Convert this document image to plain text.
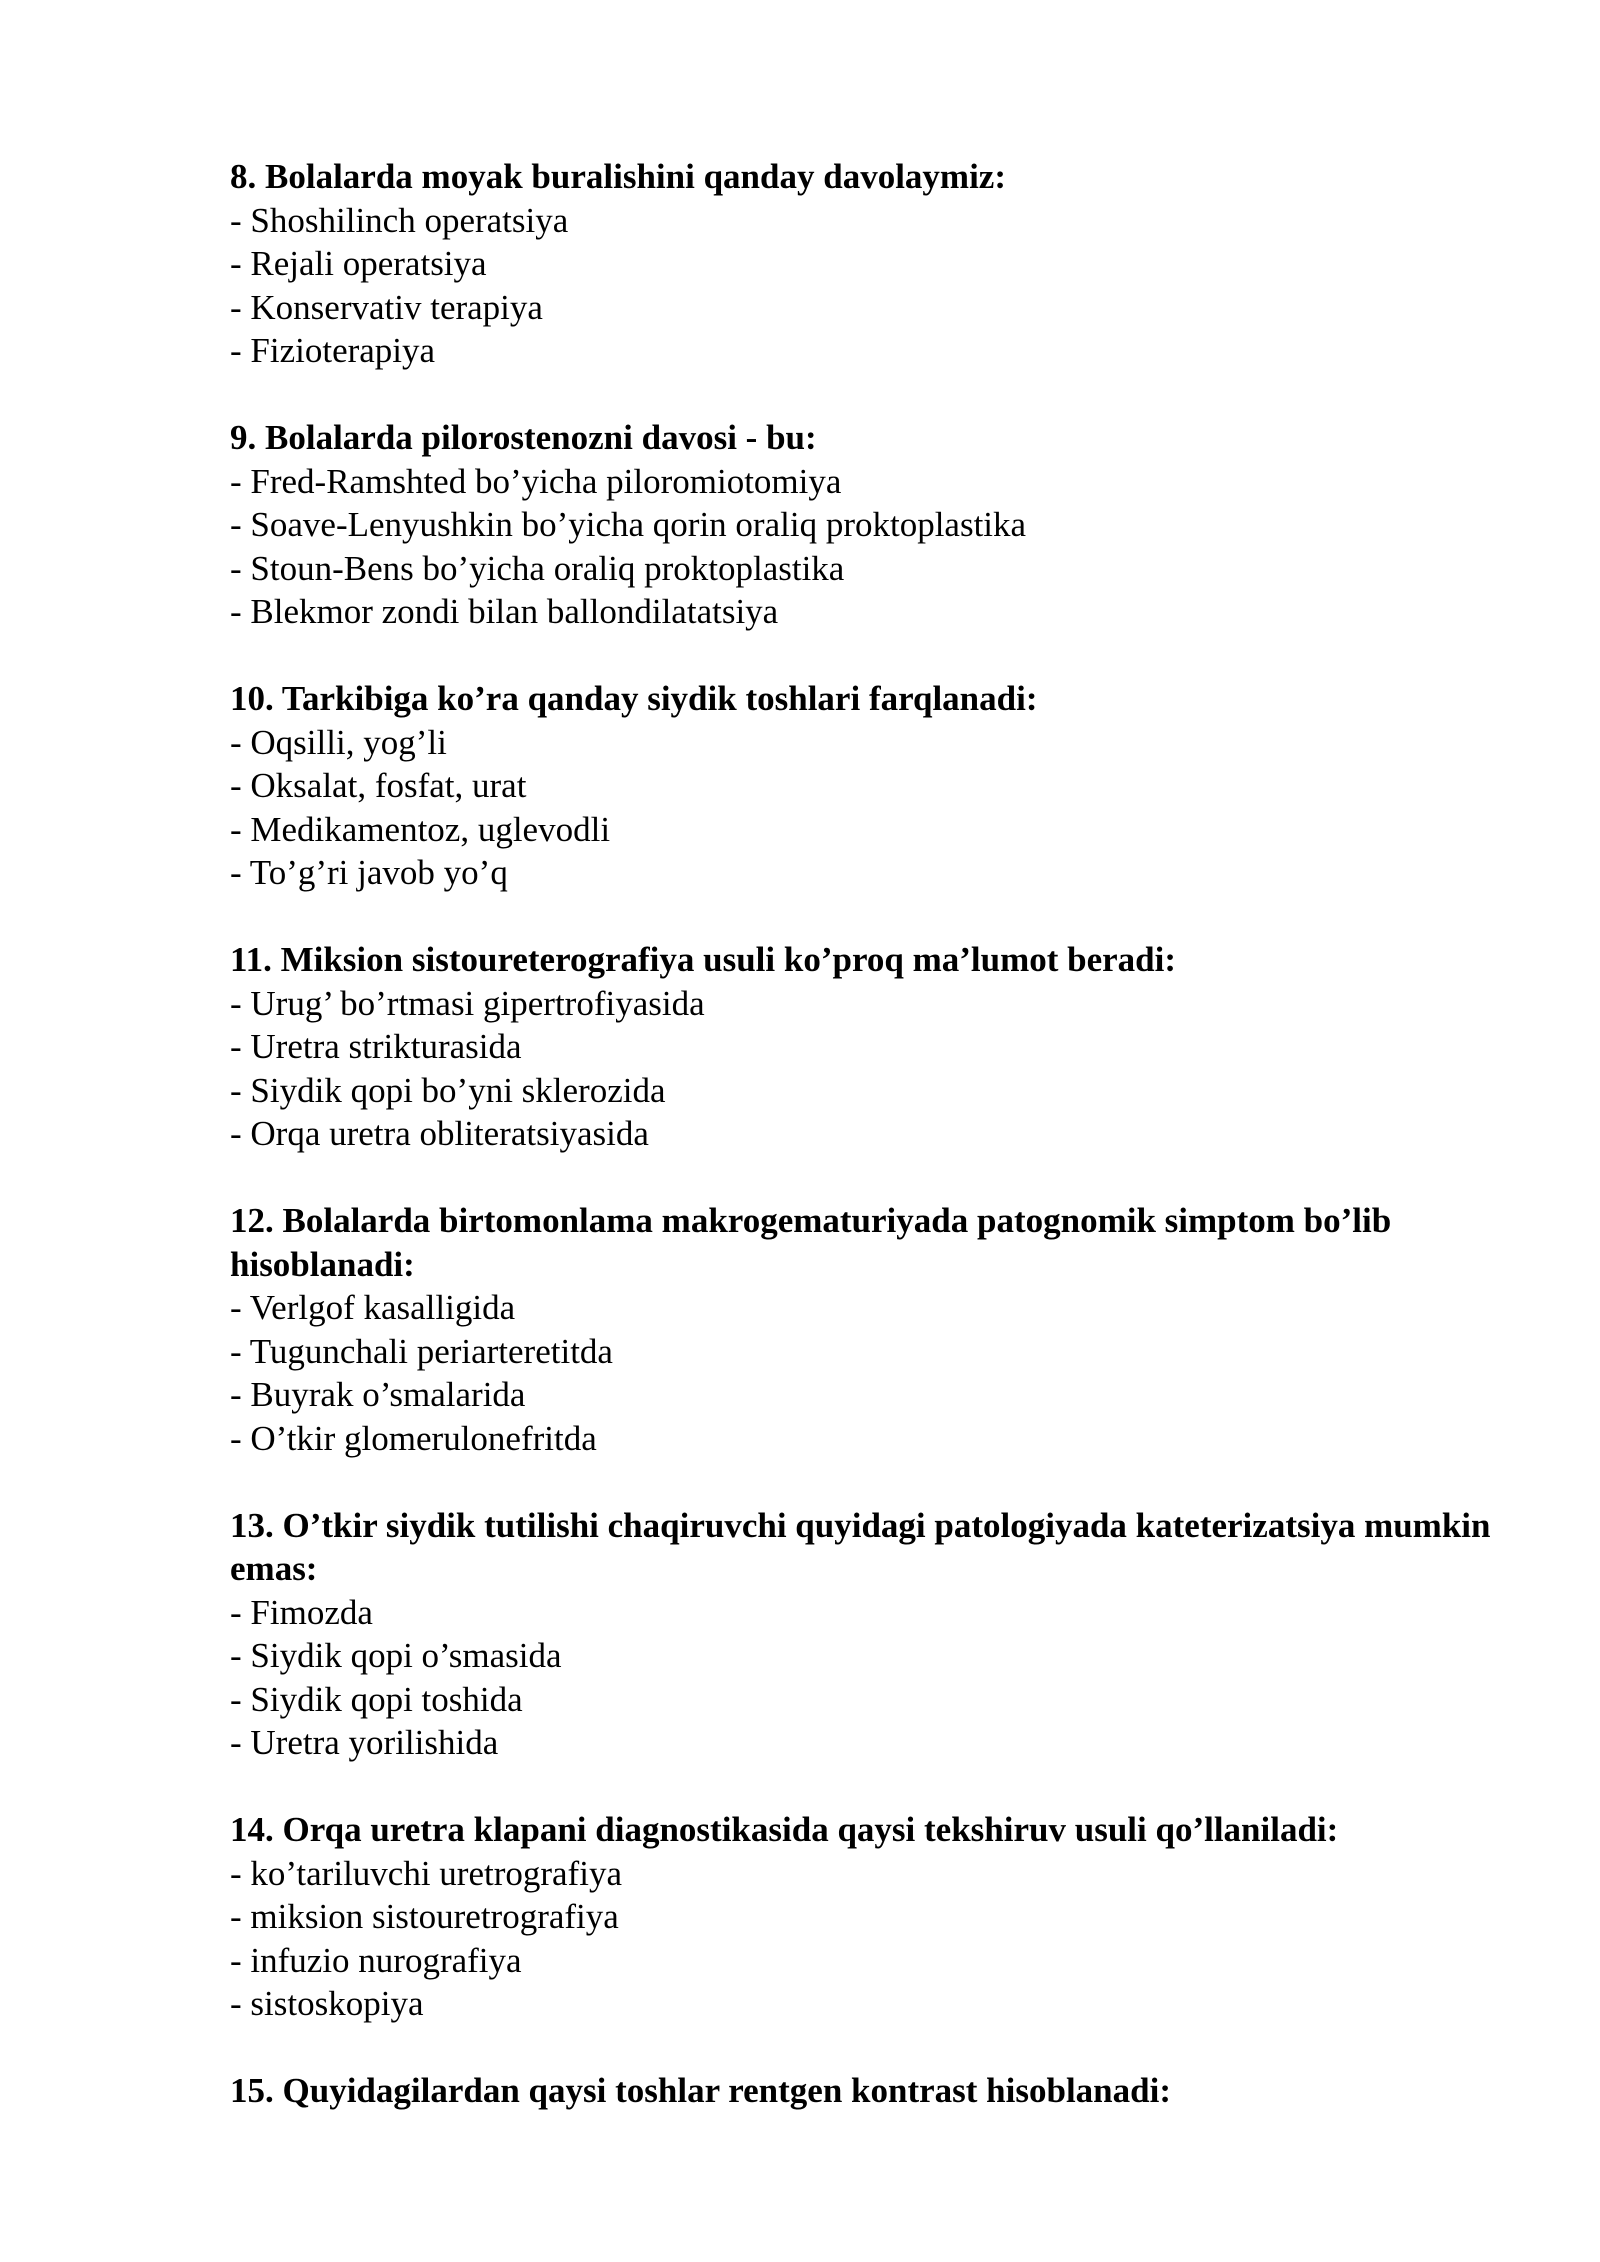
8. Bolalarda moyak buralishini qanday davolaymiz:

- Shoshilinch operatsiya
- Rejali operatsiya
- Konservativ terapiya
- Fizioterapiya

9. Bolalarda pilorostenozni davosi - bu:

- Fred-Ramshted bo’yicha piloromiotomiya
- Soave-Lenyushkin bo’yicha qorin oraliq proktoplastika
- Stoun-Bens bo’yicha oraliq proktoplastika
- Blekmor zondi bilan ballondilatatsiya

10. Tarkibiga ko’ra qanday siydik toshlari farqlanadi:

- Oqsilli, yog’li
- Oksalat, fosfat, urat
- Medikamentoz, uglevodli
- To’g’ri javob yo’q

11. Miksion sistoureterografiya usuli ko’proq ma’lumot beradi:

- Urug’ bo’rtmasi gipertrofiyasida
- Uretra strikturasida
- Siydik qopi bo’yni sklerozida
- Orqa uretra obliteratsiyasida

12. Bolalarda birtomonlama makrogematuriyada patognomik simptom bo’lib hisoblanadi:

- Verlgof kasalligida
- Tugunchali periarteretitda
- Buyrak o’smalarida
- O’tkir glomerulonefritda

13. O’tkir siydik tutilishi chaqiruvchi quyidagi patologiyada kateterizatsiya mumkin emas:

- Fimozda
- Siydik qopi o’smasida
- Siydik qopi toshida
- Uretra yorilishida

14. Orqa uretra klapani diagnostikasida qaysi tekshiruv usuli qo’llaniladi:

- ko’tariluvchi uretrografiya
- miksion sistouretrografiya
- infuzio nurografiya
- sistoskopiya

15. Quyidagilardan qaysi toshlar rentgen kontrast hisoblanadi:
